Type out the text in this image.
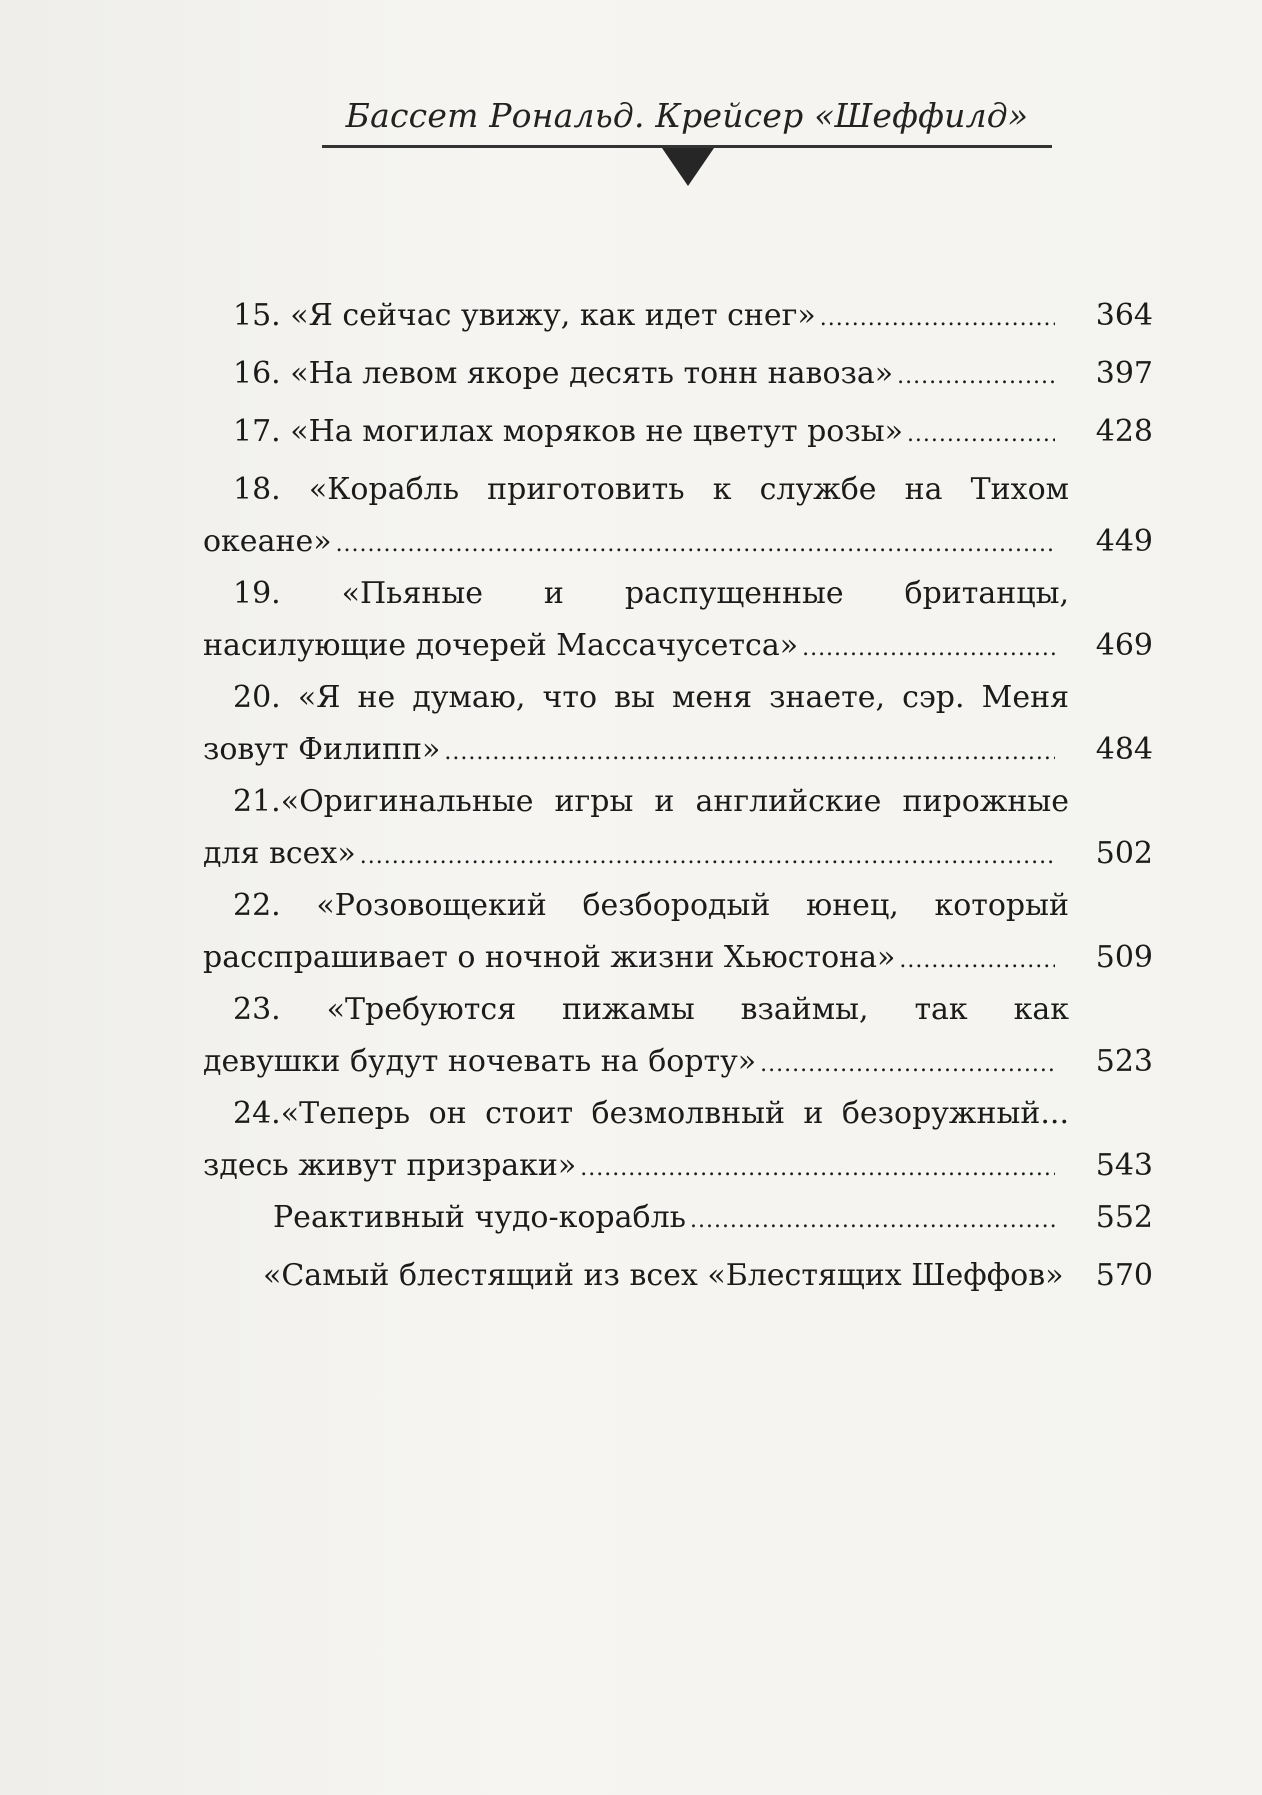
Бассет Рональд. Крейсер «Шеффилд»
15.
«Я сейчас увижу, как идет снег» .....	364
16.
«На левом якоре десять тонн навоза» .....	397
17.
«На могилах моряков не цветут розы» .....	428
18. «Корабль приготовить к службе на Тихом
океане» .....	449
19. «Пьяные и распущенные британцы,
насилующие дочерей Массачусетса» .....	469
20. «Я не думаю, что вы меня знаете, сэр. Меня
зовут Филипп» .....	484
21.«Оригинальные игры и английские пирожные
для всех» .....	502
22. «Розовощекий безбородый юнец, который
расспрашивает о ночной жизни Хьюстона» .....	509
23. «Требуются пижамы взаймы, так как
девушки будут ночевать на борту» .....	523
24.«Теперь он стоит безмолвный и безоружный...
здесь живут призраки» .....	543
Реактивный чудо-корабль .....	552
«Самый блестящий из всех «Блестящих Шеффов»	570
